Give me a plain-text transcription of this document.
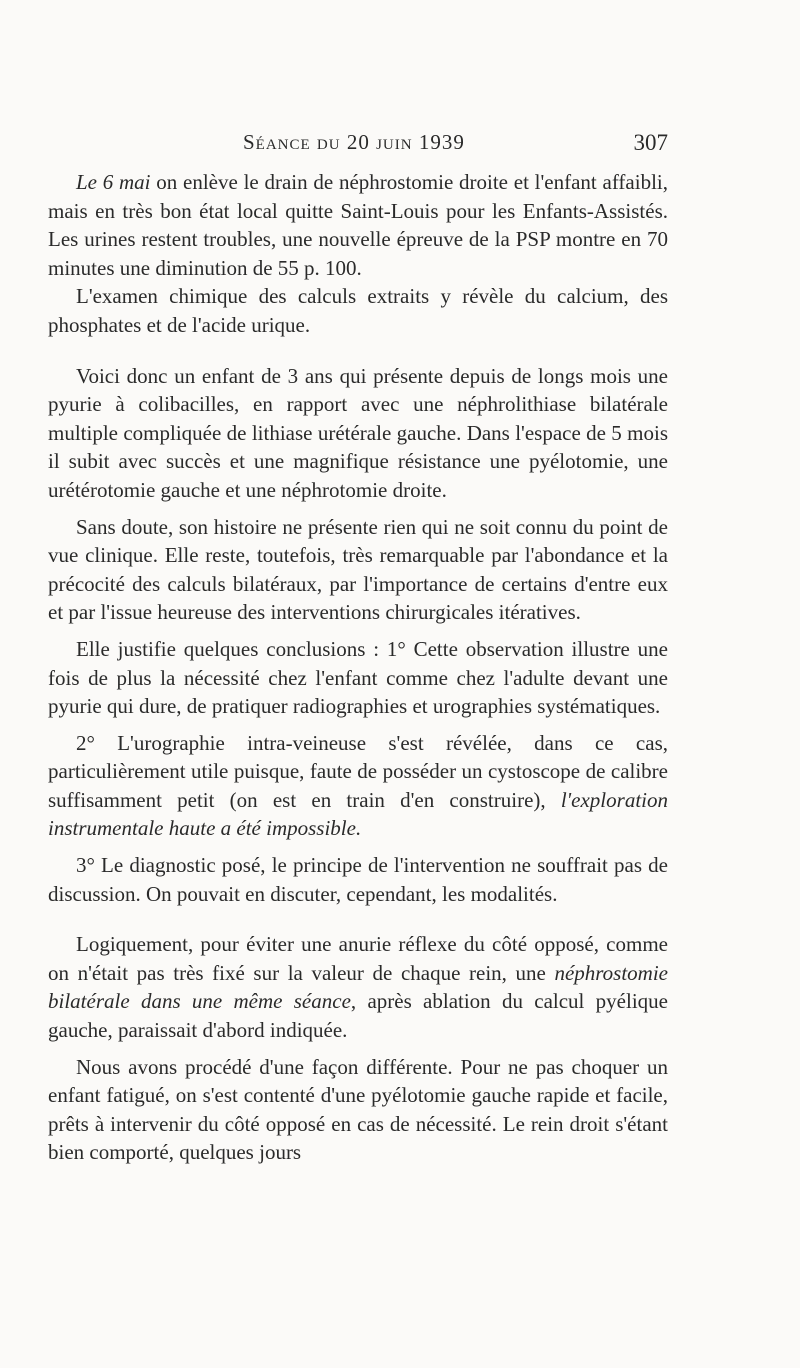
Séance du 20 juin 1939	307

Le 6 mai on enlève le drain de néphrostomie droite et l'enfant affaibli, mais en très bon état local quitte Saint-Louis pour les Enfants-Assistés. Les urines restent troubles, une nouvelle épreuve de la PSP montre en 70 minutes une diminution de 55 p. 100.

L'examen chimique des calculs extraits y révèle du calcium, des phosphates et de l'acide urique.

Voici donc un enfant de 3 ans qui présente depuis de longs mois une pyurie à colibacilles, en rapport avec une néphrolithiase bilatérale multiple compliquée de lithiase urétérale gauche. Dans l'espace de 5 mois il subit avec succès et une magnifique résistance une pyélotomie, une urétérotomie gauche et une néphrotomie droite.

Sans doute, son histoire ne présente rien qui ne soit connu du point de vue clinique. Elle reste, toutefois, très remarquable par l'abondance et la précocité des calculs bilatéraux, par l'importance de certains d'entre eux et par l'issue heureuse des interventions chirurgicales itératives.

Elle justifie quelques conclusions : 1° Cette observation illustre une fois de plus la nécessité chez l'enfant comme chez l'adulte devant une pyurie qui dure, de pratiquer radiographies et urographies systématiques.

2° L'urographie intra-veineuse s'est révélée, dans ce cas, particulièrement utile puisque, faute de posséder un cystoscope de calibre suffisamment petit (on est en train d'en construire), l'exploration instrumentale haute a été impossible.

3° Le diagnostic posé, le principe de l'intervention ne souffrait pas de discussion. On pouvait en discuter, cependant, les modalités.

Logiquement, pour éviter une anurie réflexe du côté opposé, comme on n'était pas très fixé sur la valeur de chaque rein, une néphrostomie bilatérale dans une même séance, après ablation du calcul pyélique gauche, paraissait d'abord indiquée.

Nous avons procédé d'une façon différente. Pour ne pas choquer un enfant fatigué, on s'est contenté d'une pyélotomie gauche rapide et facile, prêts à intervenir du côté opposé en cas de nécessité. Le rein droit s'étant bien comporté, quelques jours
